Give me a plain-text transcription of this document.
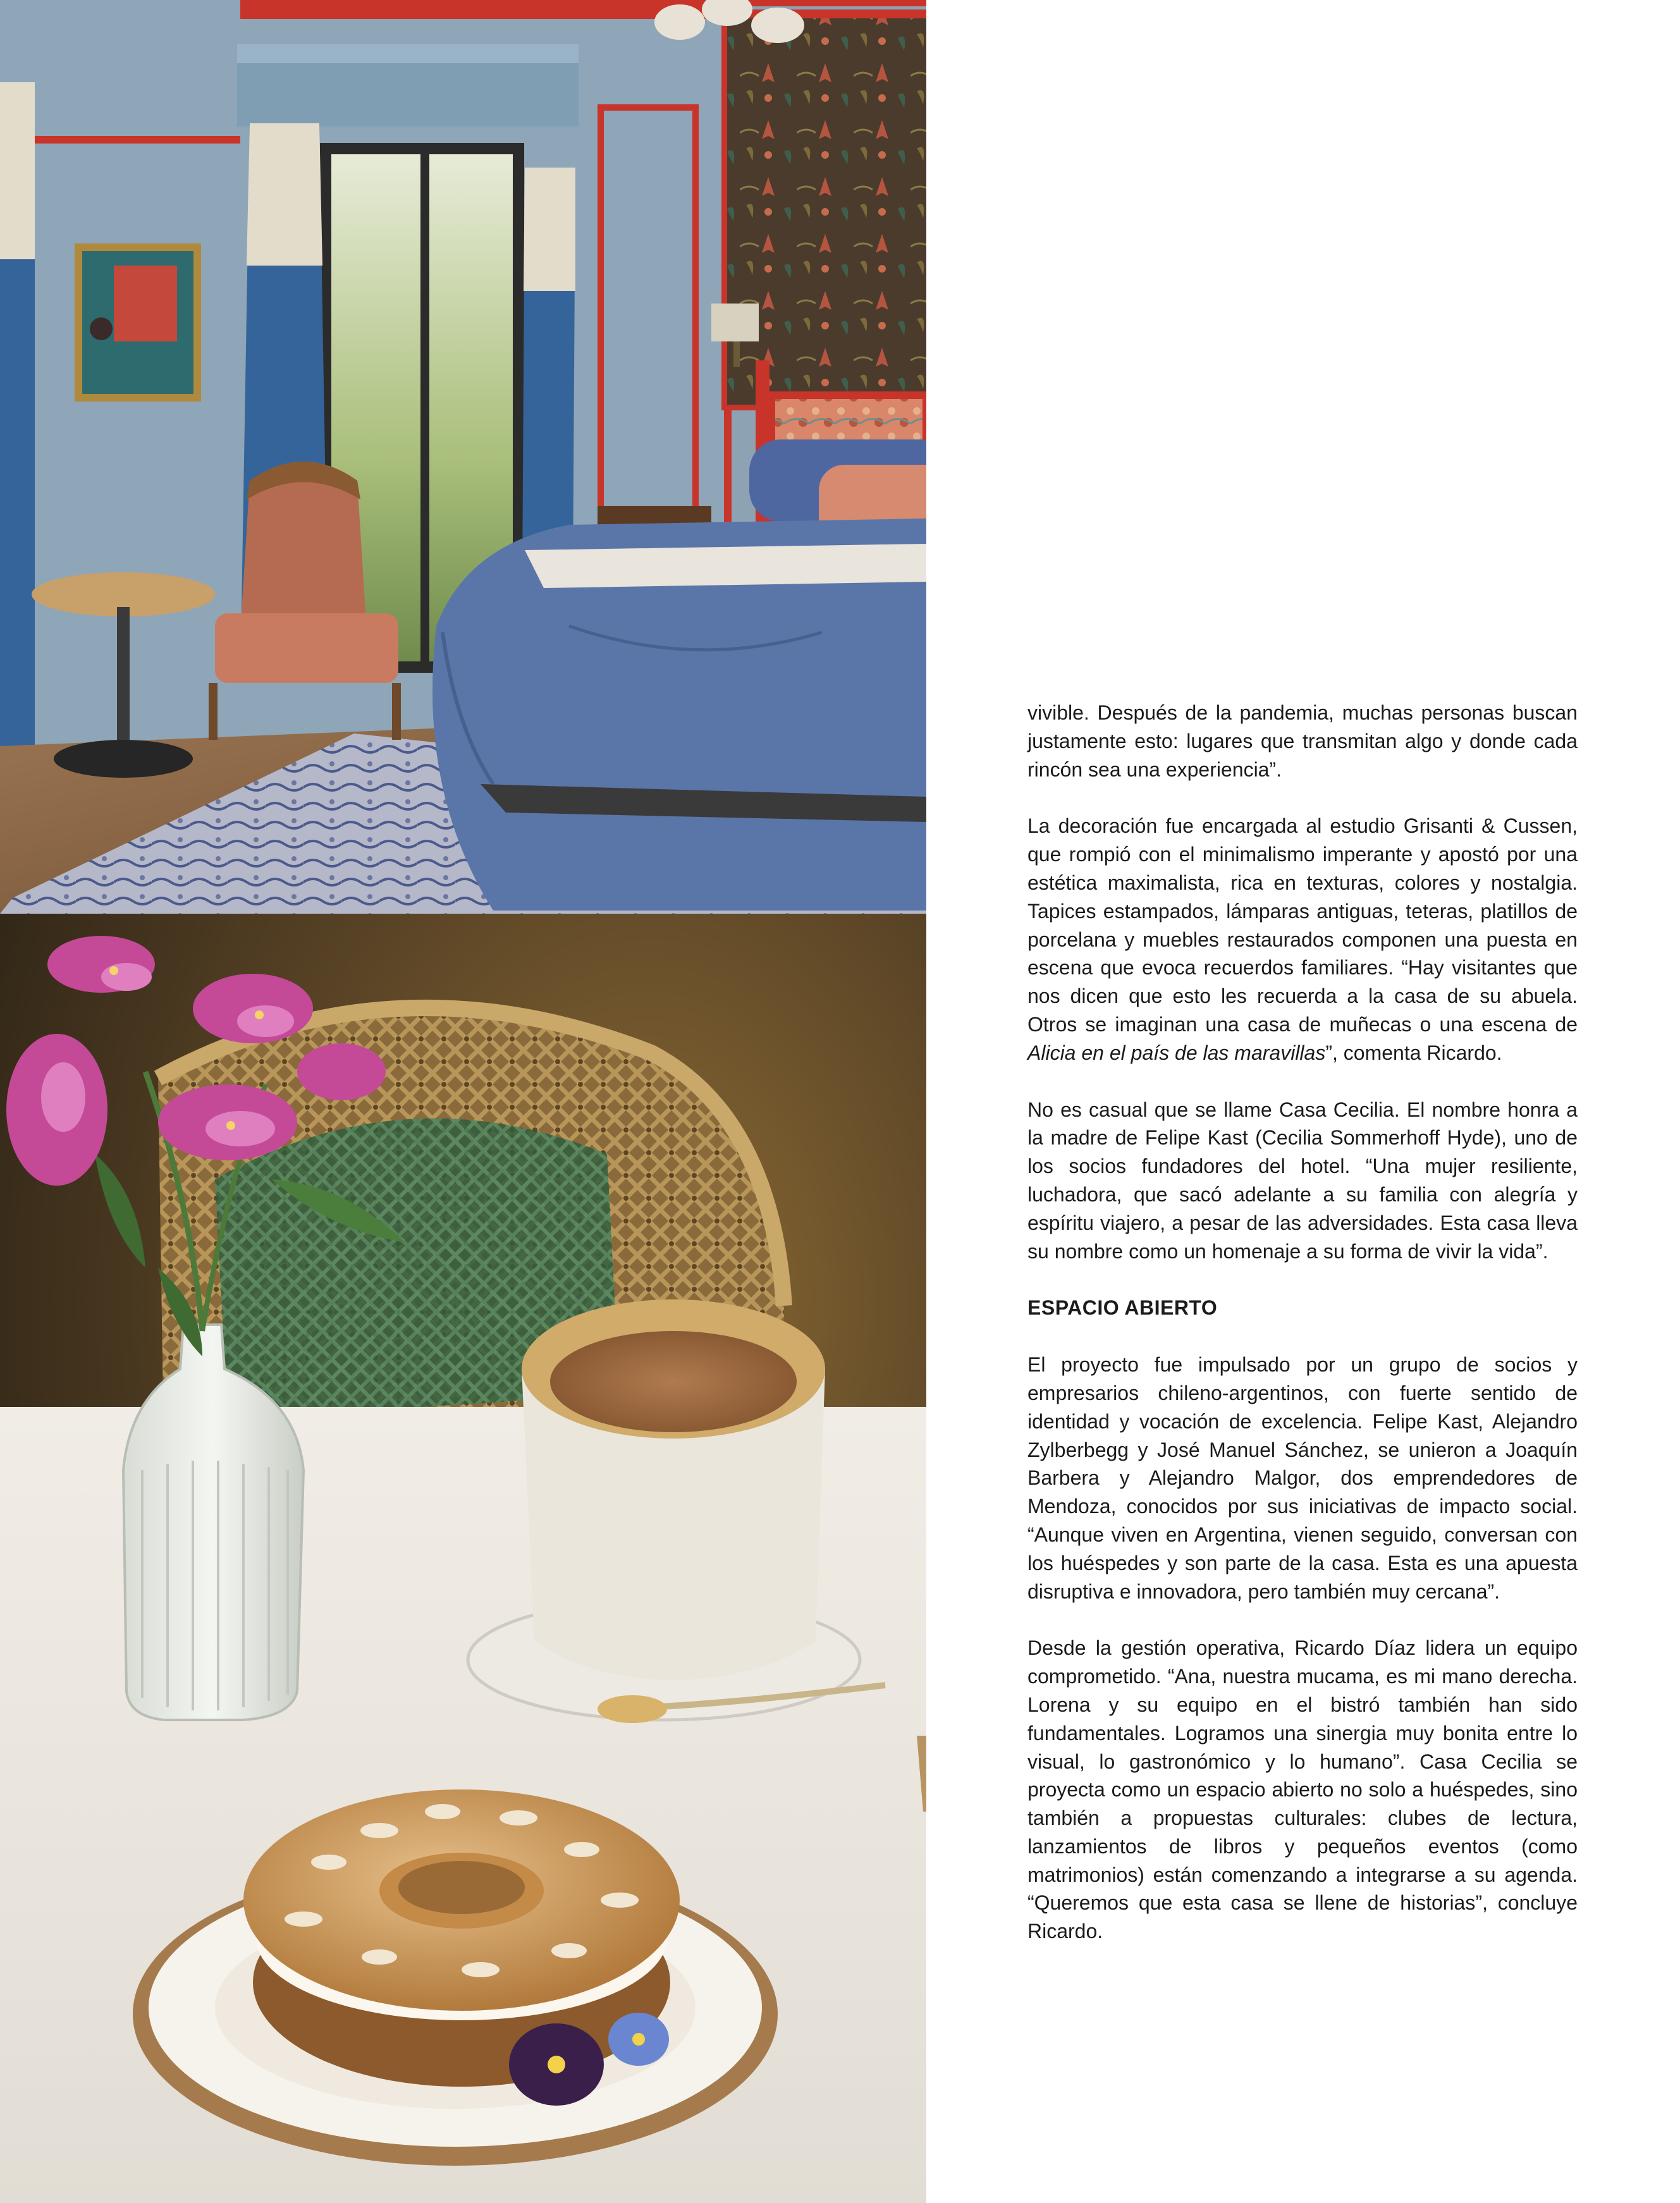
vivible. Después de la pandemia, muchas personas buscan justamente esto: lugares que transmitan algo y donde cada rincón sea una experiencia”.

La decoración fue encargada al estudio Grisanti & Cussen, que rompió con el minimalismo imperante y apostó por una estética maximalista, rica en texturas, colores y nostalgia. Tapices estampados, lámparas antiguas, teteras, platillos de porcelana y muebles restaurados componen una puesta en escena que evoca recuerdos familiares. “Hay visitantes que nos dicen que esto les recuerda a la casa de su abuela. Otros se imaginan una casa de muñecas o una escena de Alicia en el país de las maravillas”, comenta Ricardo.

No es casual que se llame Casa Cecilia. El nombre honra a la madre de Felipe Kast (Cecilia Sommerhoff Hyde), uno de los socios fundadores del hotel. “Una mujer resiliente, luchadora, que sacó adelante a su familia con alegría y espíritu viajero, a pesar de las adversidades. Esta casa lleva su nombre como un homenaje a su forma de vivir la vida”.

ESPACIO ABIERTO

El proyecto fue impulsado por un grupo de socios y empresarios chileno-argentinos, con fuerte sentido de identidad y vocación de excelencia. Felipe Kast, Alejandro Zylberbegg y José Manuel Sánchez, se unieron a Joaquín Barbera y Alejandro Malgor, dos emprendedores de Mendoza, conocidos por sus iniciativas de impacto social. “Aunque viven en Argentina, vienen seguido, conversan con los huéspedes y son parte de la casa. Esta es una apuesta disruptiva e innovadora, pero también muy cercana”.

Desde la gestión operativa, Ricardo Díaz lidera un equipo comprometido. “Ana, nuestra mucama, es mi mano derecha. Lorena y su equipo en el bistró también han sido fundamentales. Logramos una sinergia muy bonita entre lo visual, lo gastronómico y lo humano”. Casa Cecilia se proyecta como un espacio abierto no solo a huéspedes, sino también a propuestas culturales: clubes de lectura, lanzamientos de libros y pequeños eventos (como matrimonios) están comenzando a integrarse a su agenda. “Queremos que esta casa se llene de historias”, concluye Ricardo.
